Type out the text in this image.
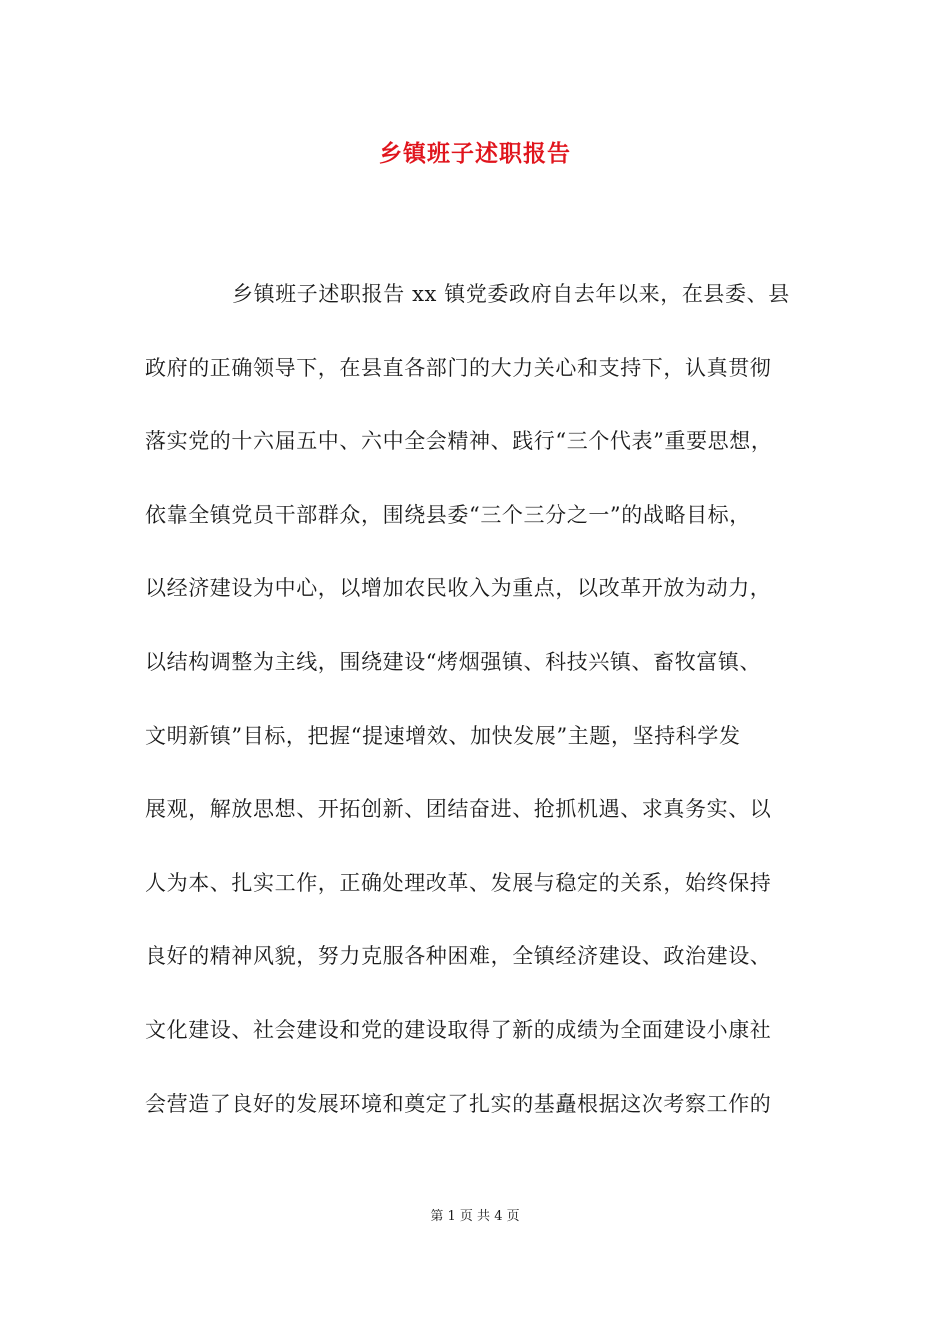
乡镇班子述职报告
乡镇班子述职报告 xx 镇党委政府自去年以来，在县委、县
政府的正确领导下，在县直各部门的大力关心和支持下，认真贯彻
落实党的十六届五中、六中全会精神、践行“三个代表”重要思想，
依靠全镇党员干部群众，围绕县委“三个三分之一”的战略目标，
以经济建设为中心，以增加农民收入为重点，以改革开放为动力，
以结构调整为主线，围绕建设“烤烟强镇、科技兴镇、畜牧富镇、
文明新镇”目标，把握“提速增效、加快发展”主题，坚持科学发
展观，解放思想、开拓创新、团结奋进、抢抓机遇、求真务实、以
人为本、扎实工作，正确处理改革、发展与稳定的关系，始终保持
良好的精神风貌，努力克服各种困难，全镇经济建设、政治建设、
文化建设、社会建设和党的建设取得了新的成绩为全面建设小康社
会营造了良好的发展环境和奠定了扎实的基矗根据这次考察工作的
第 1 页 共 4 页
